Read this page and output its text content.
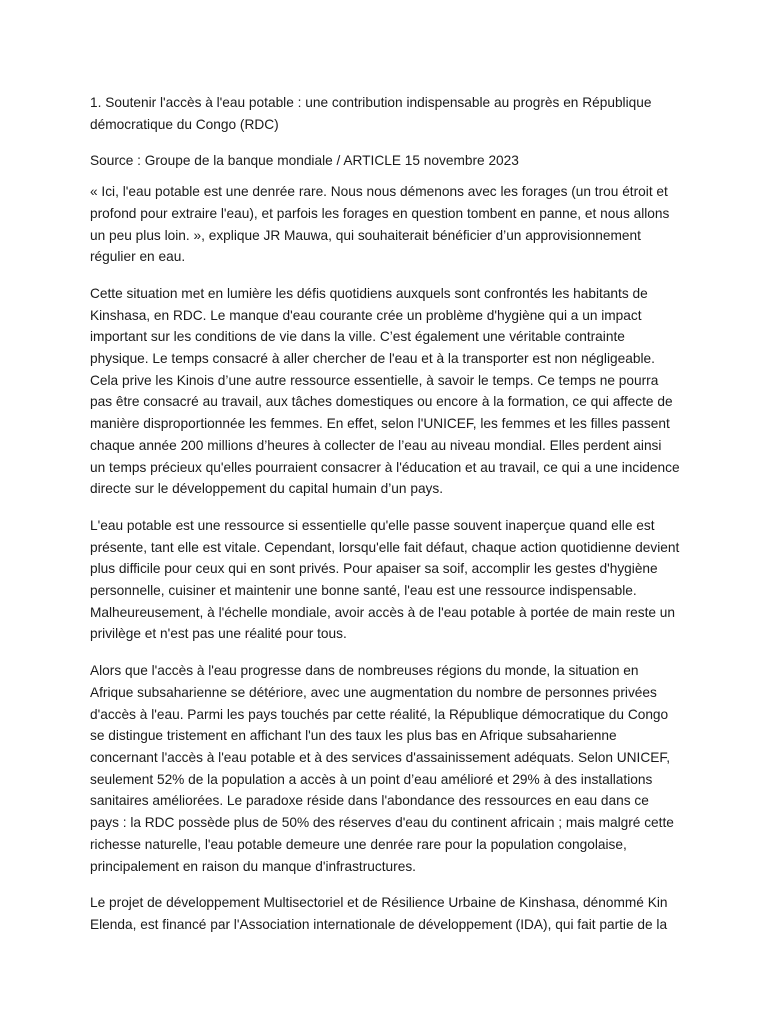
1. Soutenir l'accès à l'eau potable : une contribution indispensable au progrès en République démocratique du Congo (RDC)

Source : Groupe de la banque mondiale / ARTICLE 15 novembre 2023

« Ici, l'eau potable est une denrée rare. Nous nous démenons avec les forages (un trou étroit et profond pour extraire l'eau), et parfois les forages en question tombent en panne, et nous allons un peu plus loin. », explique JR Mauwa, qui souhaiterait bénéficier d’un approvisionnement régulier en eau.

Cette situation met en lumière les défis quotidiens auxquels sont confrontés les habitants de Kinshasa, en RDC. Le manque d'eau courante crée un problème d'hygiène qui a un impact important sur les conditions de vie dans la ville. C’est également une véritable contrainte physique. Le temps consacré à aller chercher de l'eau et à la transporter est non négligeable. Cela prive les Kinois d’une autre ressource essentielle, à savoir le temps. Ce temps ne pourra pas être consacré au travail, aux tâches domestiques ou encore à la formation, ce qui affecte de manière disproportionnée les femmes. En effet, selon l'UNICEF, les femmes et les filles passent chaque année 200 millions d’heures à collecter de l’eau au niveau mondial. Elles perdent ainsi un temps précieux qu'elles pourraient consacrer à l'éducation et au travail, ce qui a une incidence directe sur le développement du capital humain d’un pays.

L'eau potable est une ressource si essentielle qu'elle passe souvent inaperçue quand elle est présente, tant elle est vitale. Cependant, lorsqu'elle fait défaut, chaque action quotidienne devient plus difficile pour ceux qui en sont privés. Pour apaiser sa soif, accomplir les gestes d'hygiène personnelle, cuisiner et maintenir une bonne santé, l'eau est une ressource indispensable. Malheureusement, à l'échelle mondiale, avoir accès à de l'eau potable à portée de main reste un privilège et n'est pas une réalité pour tous.

Alors que l'accès à l'eau progresse dans de nombreuses régions du monde, la situation en Afrique subsaharienne se détériore, avec une augmentation du nombre de personnes privées d'accès à l'eau. Parmi les pays touchés par cette réalité, la République démocratique du Congo se distingue tristement en affichant l'un des taux les plus bas en Afrique subsaharienne concernant l'accès à l'eau potable et à des services d'assainissement adéquats. Selon UNICEF, seulement 52% de la population a accès à un point d’eau amélioré et 29% à des installations sanitaires améliorées. Le paradoxe réside dans l'abondance des ressources en eau dans ce pays : la RDC possède plus de 50% des réserves d'eau du continent africain ; mais malgré cette richesse naturelle, l'eau potable demeure une denrée rare pour la population congolaise, principalement en raison du manque d'infrastructures.

Le projet de développement Multisectoriel et de Résilience Urbaine de Kinshasa, dénommé Kin Elenda, est financé par l'Association internationale de développement (IDA), qui fait partie de la
